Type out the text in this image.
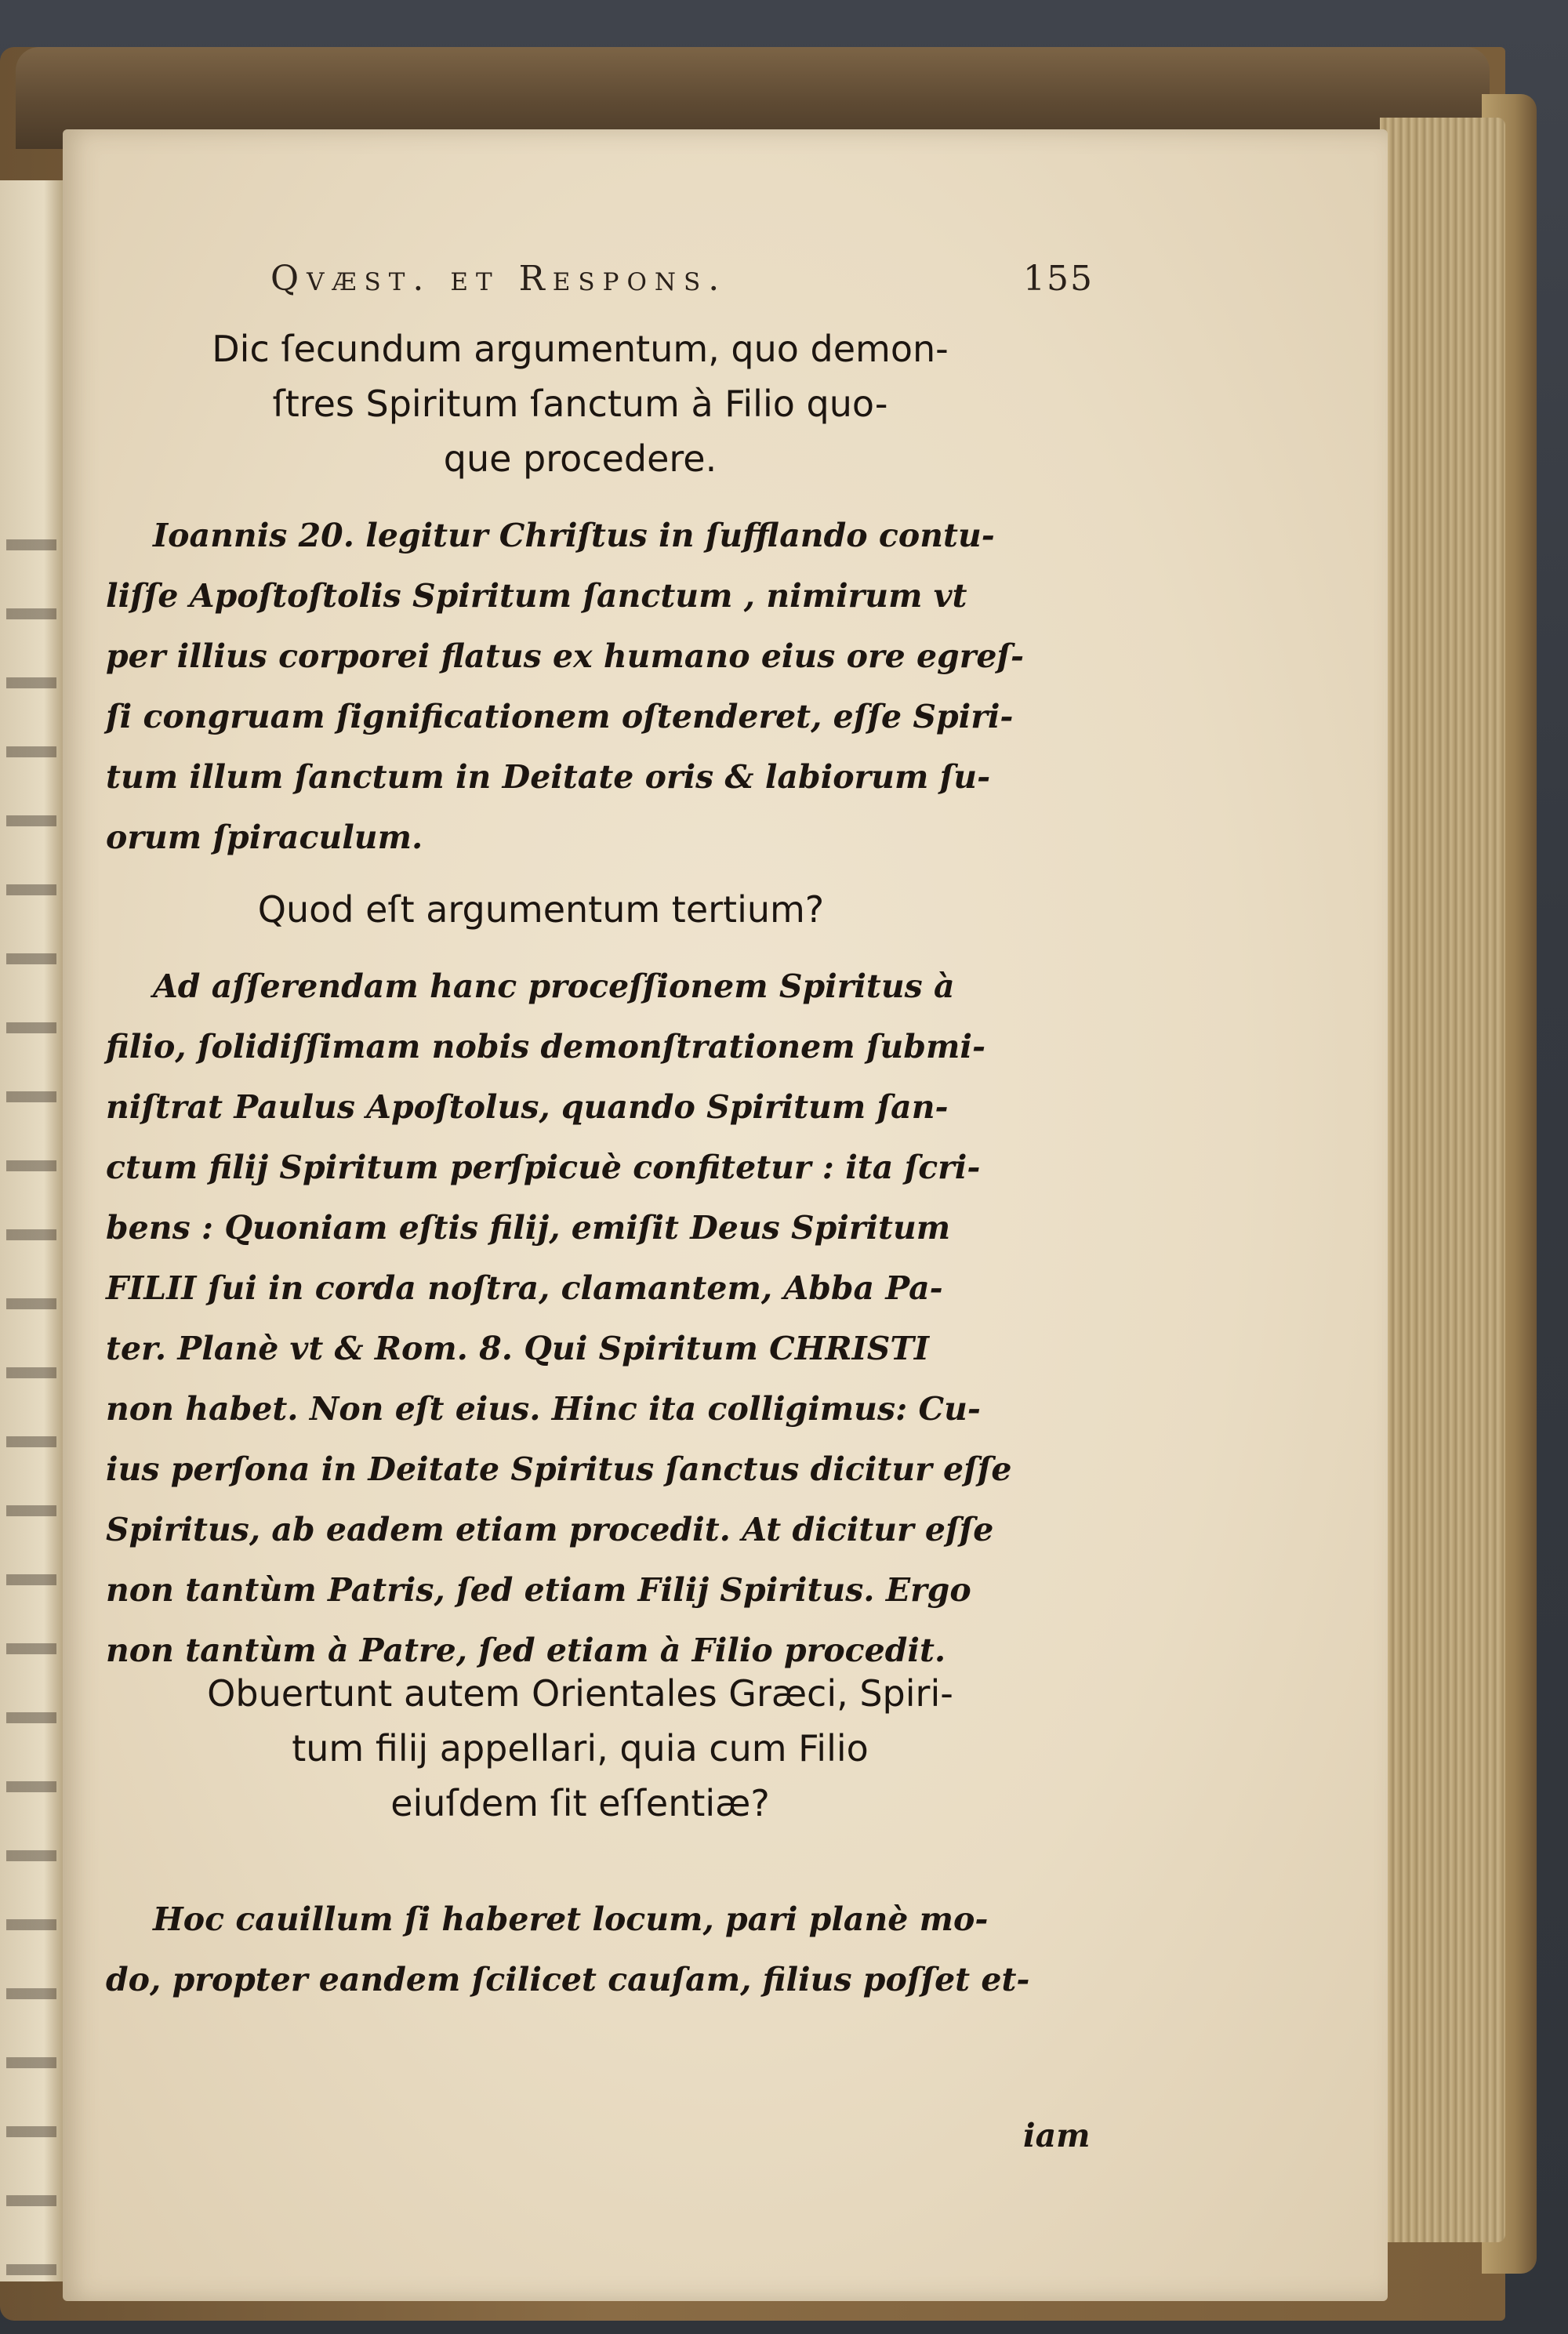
Qvæst. et Respons.	155
Dic ſecundum argumentum, quo demon-
ſtres Spiritum ſanctum à Filio quo-
que procedere.
Ioannis 20. legitur Chriſtus in ſufflando contu-
liſſe Apoſtoſtolis Spiritum ſanctum , nimirum vt
per illius corporei flatus ex humano eius ore egreſ-
ſi congruam ſignificationem oſtenderet, eſſe Spiri-
tum illum ſanctum in Deitate oris & labiorum ſu-
orum ſpiraculum.
Quod eſt argumentum tertium?
Ad aſſerendam hanc proceſſionem Spiritus à
filio, ſolidiſſimam nobis demonſtrationem ſubmi-
niſtrat Paulus Apoſtolus, quando Spiritum ſan-
ctum filij Spiritum perſpicuè confitetur : ita ſcri-
bens : Quoniam eſtis filij, emiſit Deus Spiritum
FILII ſui in corda noſtra, clamantem, Abba Pa-
ter. Planè vt & Rom. 8. Qui Spiritum CHRISTI
non habet. Non eſt eius. Hinc ita colligimus: Cu-
ius perſona in Deitate Spiritus ſanctus dicitur eſſe
Spiritus, ab eadem etiam procedit. At dicitur eſſe
non tantùm Patris, ſed etiam Filij Spiritus. Ergo
non tantùm à Patre, ſed etiam à Filio procedit.
Obuertunt autem Orientales Græci, Spiri-
tum filij appellari, quia cum Filio
eiuſdem ſit eſſentiæ?
Hoc cauillum ſi haberet locum, pari planè mo-
do, propter eandem ſcilicet cauſam, filius poſſet et-
iam
